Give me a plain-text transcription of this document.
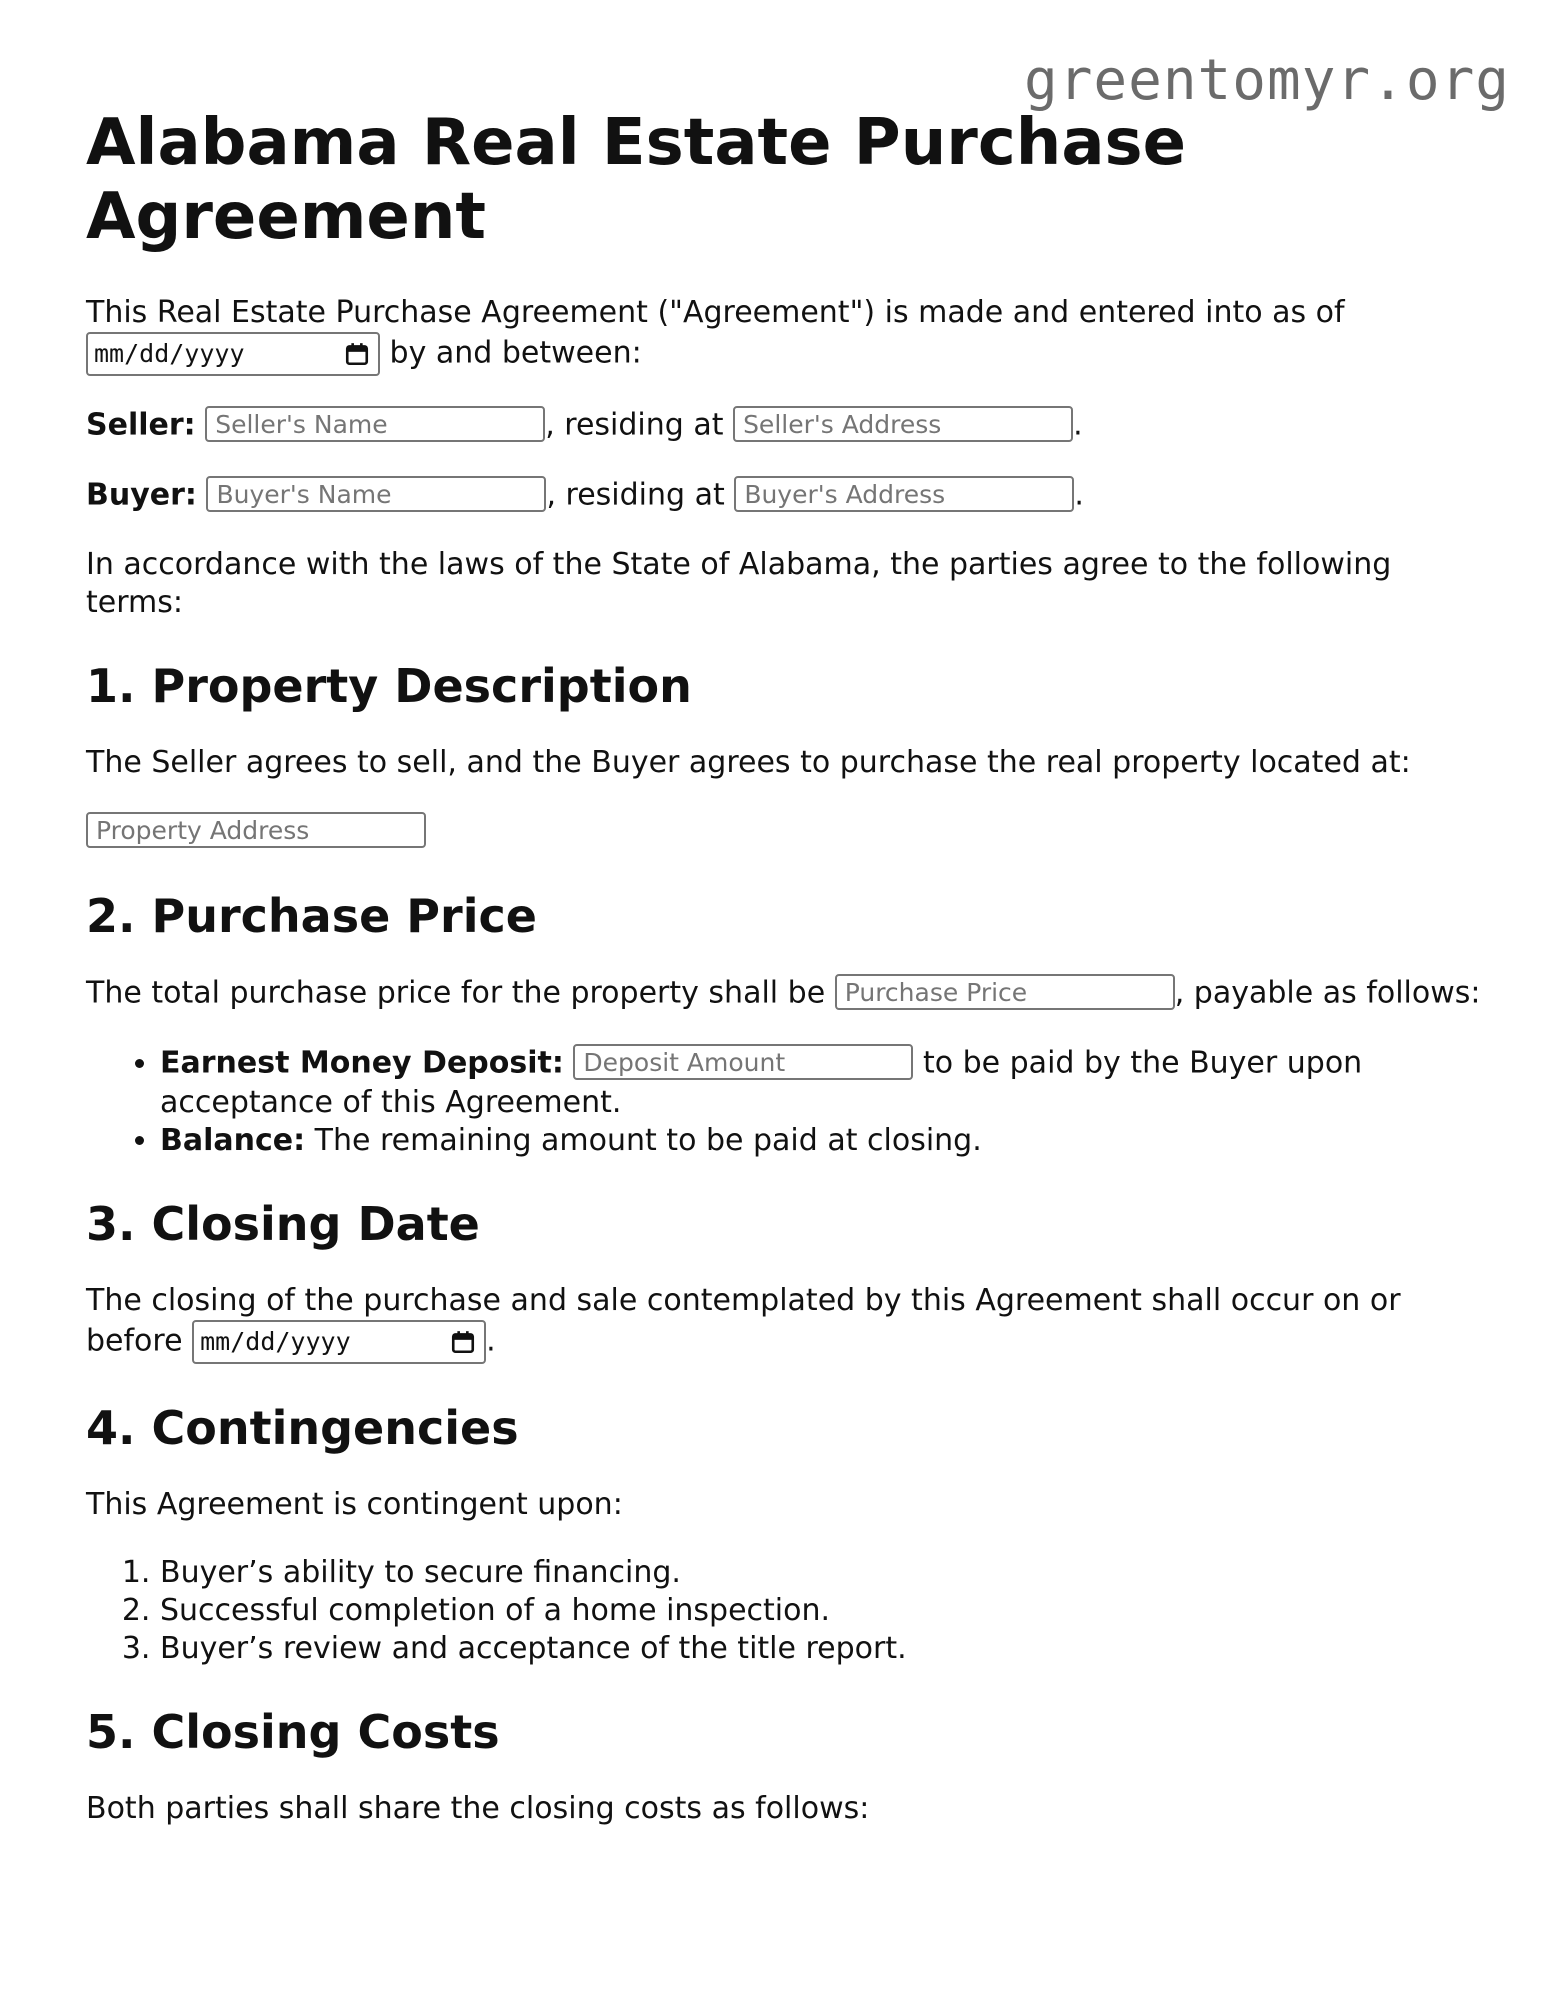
greentomyr.org
Alabama Real Estate Purchase Agreement

This Real Estate Purchase Agreement ("Agreement") is made and entered into as of

mm/dd/yyyy	by and between:

Seller: Seller's Name	, residing at Seller's Address	.

Buyer: Buyer's Name	, residing at Buyer's Address	.

In accordance with the laws of the State of Alabama, the parties agree to the following terms:

1. Property Description

The Seller agrees to sell, and the Buyer agrees to purchase the real property located at:

Property Address

2. Purchase Price

The total purchase price for the property shall be Purchase Price	, payable as follows:

• Earnest Money Deposit: Deposit Amount	to be paid by the Buyer upon acceptance of this Agreement.
• Balance: The remaining amount to be paid at closing.
3. Closing Date

The closing of the purchase and sale contemplated by this Agreement shall occur on or before mm/dd/yyyy	.

4. Contingencies

This Agreement is contingent upon:

1. Buyer’s ability to secure financing.
2. Successful completion of a home inspection.
3. Buyer’s review and acceptance of the title report.
5. Closing Costs

Both parties shall share the closing costs as follows:
